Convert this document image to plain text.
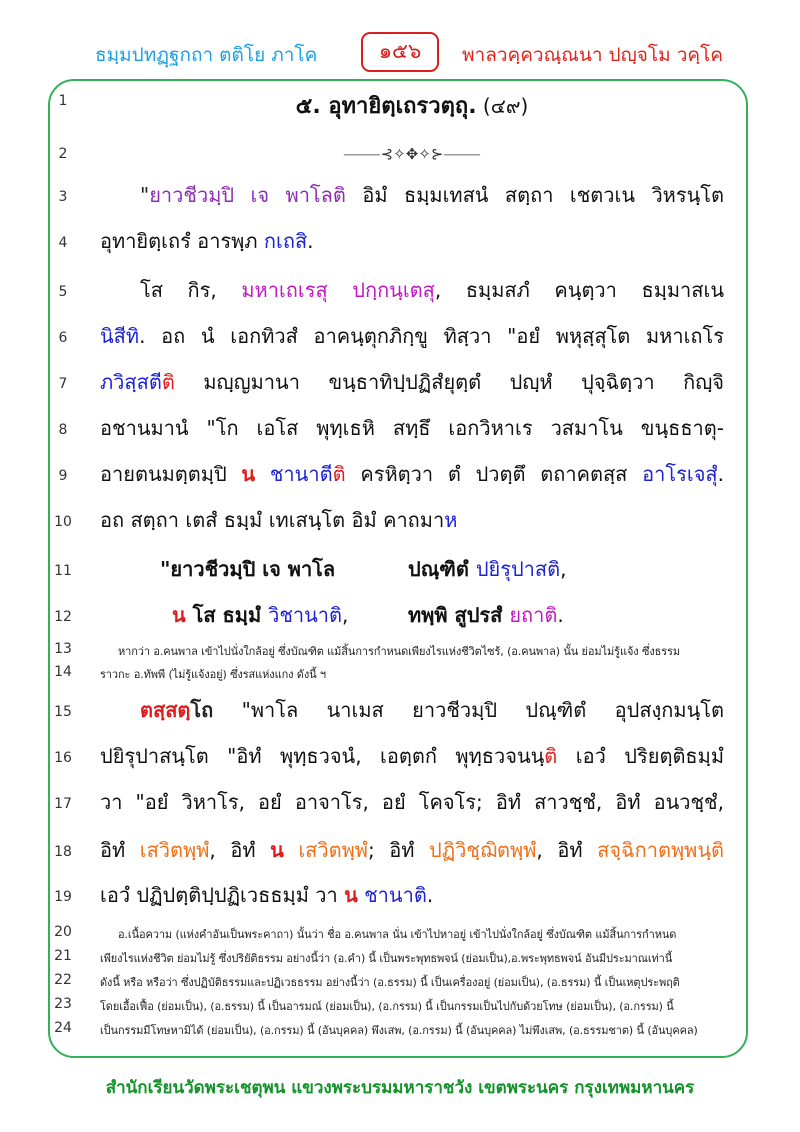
ธมฺมปทฏฺฐกถา ตติโย ภาโค	๑๕๖	พาลวคฺควณฺณนา ปญฺจโม วคฺโค
1
2
3
4
5
6
7
8
9
10
11
12
13
14
15
16
17
18
19
20
21
22
23
24
๕. อุทายิตฺเถรวตฺถุ. (๔๙)
⸻⊰✧✥✧⊱⸻
"ยาวชีวมฺปิ เจ พาโลติ อิมํ ธมฺมเทสนํ สตฺถา เชตวเน วิหรนฺโต
อุทายิตฺเถรํ อารพฺภ กเถสิ.
โส กิร, มหาเถเรสุ ปกฺกนฺเตสุ, ธมฺมสภํ คนฺตฺวา ธมฺมาสเน
นิสีทิ. อถ นํ เอกทิวสํ อาคนฺตุกภิกฺขู ทิสฺวา "อยํ พหุสฺสุโต มหาเถโร
ภวิสฺสตีติ มญฺญมานา ขนฺธาทิปฺปฏิสํยุตฺตํ ปญฺหํ ปุจฺฉิตฺวา กิญฺจิ
อชานมานํ "โก เอโส พุทฺเธหิ สทฺธึ เอกวิหาเร วสมาโน ขนฺธธาตุ-
อายตนมตฺตมฺปิ น ชานาตีติ ครหิตฺวา ตํ ปวตฺตึ ตถาคตสฺส อาโรเจสุํ.
อถ สตฺถา เตสํ ธมฺมํ เทเสนฺโต อิมํ คาถมาห
"ยาวชีวมฺปิ เจ พาโล	ปณฺฑิตํ ปยิรุปาสติ,
น โส ธมฺมํ วิชานาติ,	ทพฺพิ สูปรสํ ยถาติ.
หากว่า อ.คนพาล เข้าไปนั่งใกล้อยู่ ซึ่งบัณฑิต แม้สิ้นการกำหนดเพียงไรแห่งชีวิตไซร้, (อ.คนพาล) นั้น ย่อมไม่รู้แจ้ง ซึ่งธรรม
ราวกะ อ.ทัพพี (ไม่รู้แจ้งอยู่) ซึ่งรสแห่งแกง ดังนี้ ฯ
ตสฺสตฺโถ "พาโล นาเมส ยาวชีวมฺปิ ปณฺฑิตํ อุปสงฺกมนฺโต
ปยิรุปาสนฺโต "อิทํ พุทฺธวจนํ, เอตฺตกํ พุทฺธวจนนฺติ เอวํ ปริยตฺติธมฺมํ
วา "อยํ วิหาโร, อยํ อาจาโร, อยํ โคจโร; อิทํ สาวชฺชํ, อิทํ อนวชฺชํ,
อิทํ เสวิตพฺพํ, อิทํ น เสวิตพฺพํ; อิทํ ปฏิวิชฺฌิตพฺพํ, อิทํ สจฺฉิกาตพฺพนฺติ
เอวํ ปฏิปตฺติปฺปฏิเวธธมฺมํ วา น ชานาติ.
อ.เนื้อความ (แห่งคำอันเป็นพระคาถา) นั้นว่า ชื่อ อ.คนพาล นั่น เข้าไปหาอยู่ เข้าไปนั่งใกล้อยู่ ซึ่งบัณฑิต แม้สิ้นการกำหนด
เพียงไรแห่งชีวิต ย่อมไม่รู้ ซึ่งปริยัติธรรม อย่างนี้ว่า (อ.คำ) นี้ เป็นพระพุทธพจน์ (ย่อมเป็น),อ.พระพุทธพจน์ อันมีประมาณเท่านี้
ดังนี้ หรือ หรือว่า ซึ่งปฏิบัติธรรมและปฏิเวธธรรม อย่างนี้ว่า (อ.ธรรม) นี้ เป็นเครื่องอยู่ (ย่อมเป็น), (อ.ธรรม) นี้ เป็นเหตุประพฤติ
โดยเอื้อเฟื้อ (ย่อมเป็น), (อ.ธรรม) นี้ เป็นอารมณ์ (ย่อมเป็น), (อ.กรรม) นี้ เป็นกรรมเป็นไปกับด้วยโทษ (ย่อมเป็น), (อ.กรรม) นี้
เป็นกรรมมีโทษหามิได้ (ย่อมเป็น), (อ.กรรม) นี้ (อันบุคคล) พึงเสพ, (อ.กรรม) นี้ (อันบุคคล) ไม่พึงเสพ, (อ.ธรรมชาต) นี้ (อันบุคคล)
สำนักเรียนวัดพระเชตุพน แขวงพระบรมมหาราชวัง เขตพระนคร กรุงเทพมหานคร
